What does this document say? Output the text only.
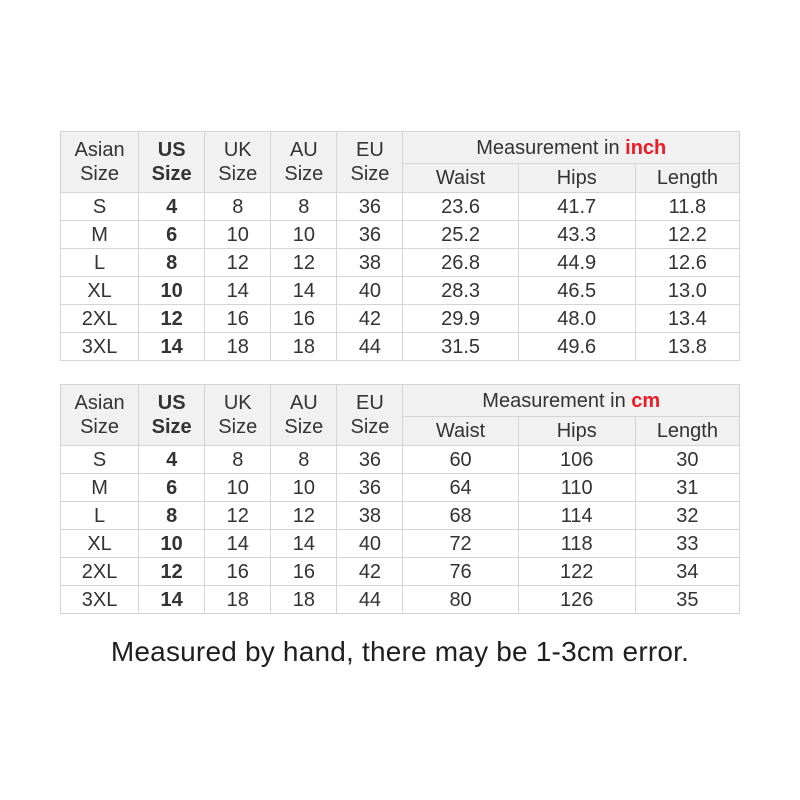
Asian Size	US Size	UK Size	AU Size	EU Size	Measurement in inch		
					Waist	Hips	Length
S	4	8	8	36	23.6	41.7	11.8
M	6	10	10	36	25.2	43.3	12.2
L	8	12	12	38	26.8	44.9	12.6
XL	10	14	14	40	28.3	46.5	13.0
2XL	12	16	16	42	29.9	48.0	13.4
3XL	14	18	18	44	31.5	49.6	13.8
Asian Size	US Size	UK Size	AU Size	EU Size	Measurement in cm		
					Waist	Hips	Length
S	4	8	8	36	60	106	30
M	6	10	10	36	64	110	31
L	8	12	12	38	68	114	32
XL	10	14	14	40	72	118	33
2XL	12	16	16	42	76	122	34
3XL	14	18	18	44	80	126	35
Measured by hand, there may be 1-3cm error.
